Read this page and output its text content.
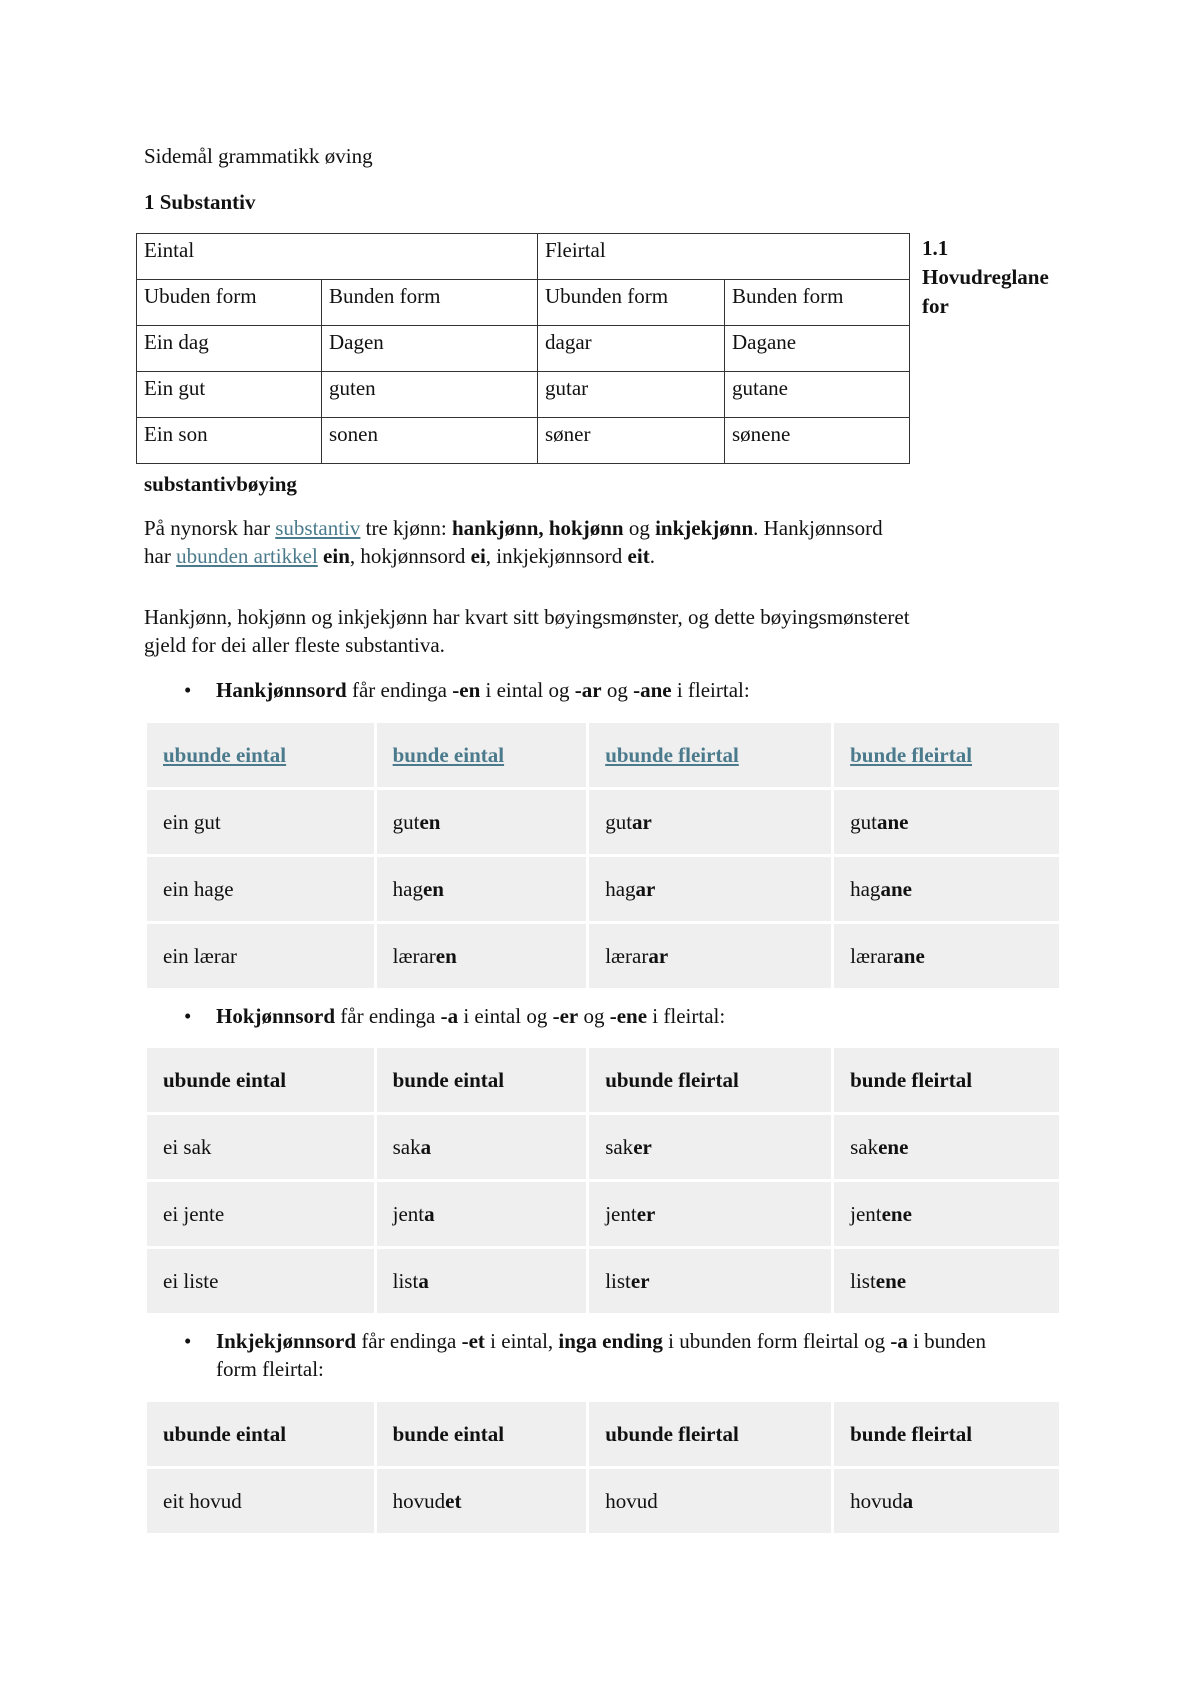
Sidemål grammatikk øving
1 Substantiv
1.1
Hovudreglane
for
substantivbøying
Eintal		Fleirtal	
Ubuden form	Bunden form	Ubunden form	Bunden form
Ein dag	Dagen	dagar	Dagane
Ein gut	guten	gutar	gutane
Ein son	sonen	søner	sønene
På nynorsk har substantiv tre kjønn: hankjønn, hokjønn og inkjekjønn. Hankjønnsord
har ubunden artikkel ein, hokjønnsord ei, inkjekjønnsord eit.
Hankjønn, hokjønn og inkjekjønn har kvart sitt bøyingsmønster, og dette bøyingsmønsteret
gjeld for dei aller fleste substantiva.
• Hankjønnsord får endinga -en i eintal og -ar og -ane i fleirtal:
ubunde eintal	bunde eintal	ubunde fleirtal	bunde fleirtal
ein gut	guten	gutar	gutane
ein hage	hagen	hagar	hagane
ein lærar	læraren	lærarar	lærarane
• Hokjønnsord får endinga -a i eintal og -er og -ene i fleirtal:
ubunde eintal	bunde eintal	ubunde fleirtal	bunde fleirtal
ei sak	saka	saker	sakene
ei jente	jenta	jenter	jentene
ei liste	lista	lister	listene
• Inkjekjønnsord får endinga -et i eintal, inga ending i ubunden form fleirtal og -a i bunden
form fleirtal:
ubunde eintal	bunde eintal	ubunde fleirtal	bunde fleirtal
eit hovud	hovudet	hovud	hovuda
